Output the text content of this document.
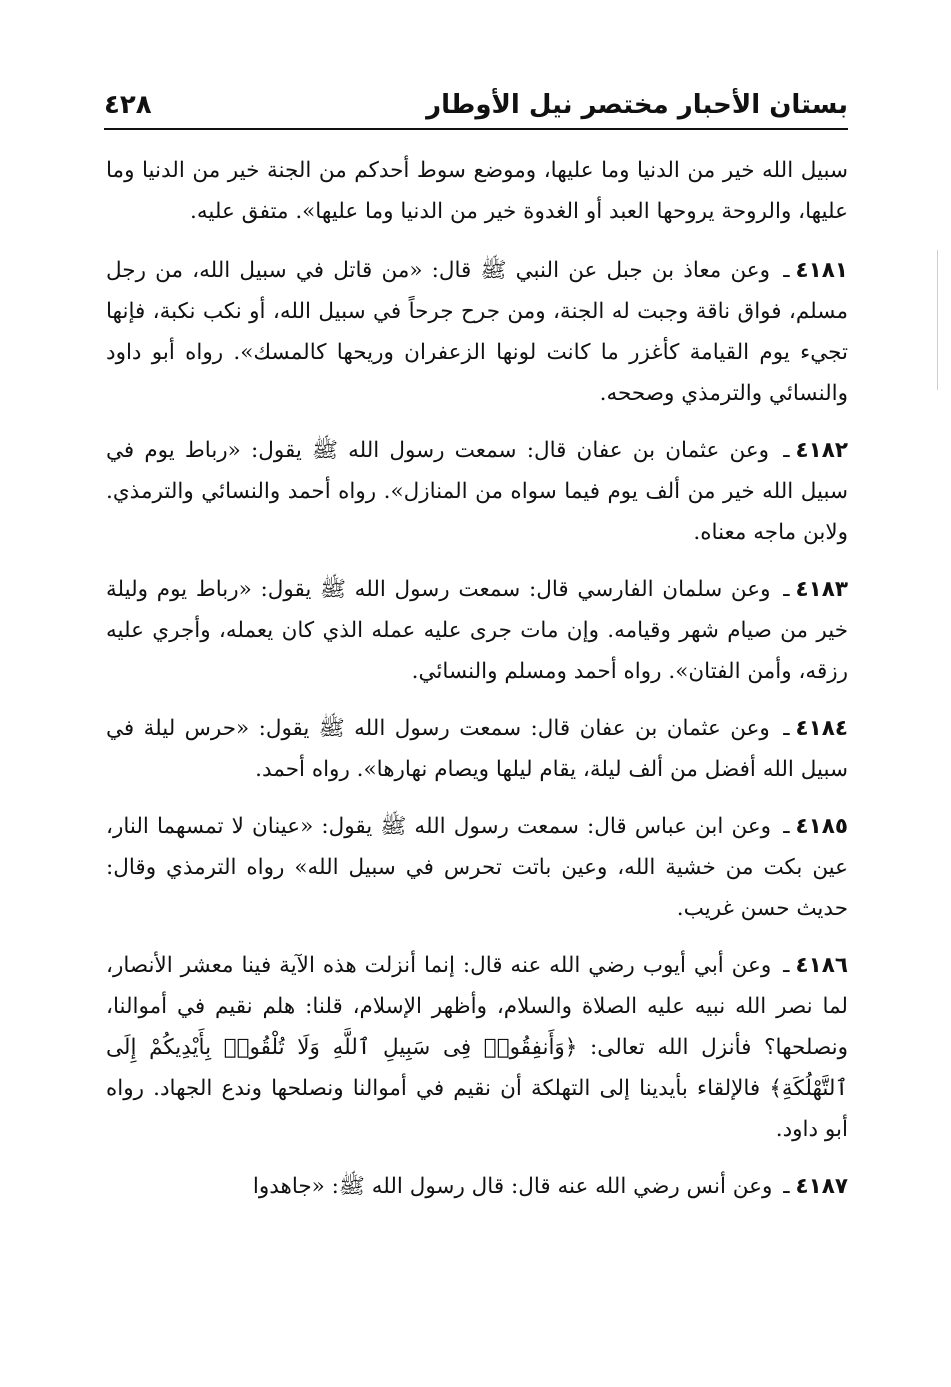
بستان الأحبار مختصر نيل الأوطار
٤٢٨

سبيل الله خير من الدنيا وما عليها، وموضع سوط أحدكم من الجنة خير من الدنيا وما عليها، والروحة يروحها العبد أو الغدوة خير من الدنيا وما عليها». متفق عليه.

٤١٨١ـ وعن معاذ بن جبل عن النبي ﷺ قال: «من قاتل في سبيل الله، من رجل مسلم، فواق ناقة وجبت له الجنة، ومن جرح جرحاً في سبيل الله، أو نكب نكبة، فإنها تجيء يوم القيامة كأغزر ما كانت لونها الزعفران وريحها كالمسك». رواه أبو داود والنسائي والترمذي وصححه.

٤١٨٢ـ وعن عثمان بن عفان قال: سمعت رسول الله ﷺ يقول: «رباط يوم في سبيل الله خير من ألف يوم فيما سواه من المنازل». رواه أحمد والنسائي والترمذي. ولابن ماجه معناه.

٤١٨٣ـ وعن سلمان الفارسي قال: سمعت رسول الله ﷺ يقول: «رباط يوم وليلة خير من صيام شهر وقيامه. وإن مات جرى عليه عمله الذي كان يعمله، وأجري عليه رزقه، وأمن الفتان». رواه أحمد ومسلم والنسائي.

٤١٨٤ـ وعن عثمان بن عفان قال: سمعت رسول الله ﷺ يقول: «حرس ليلة في سبيل الله أفضل من ألف ليلة، يقام ليلها ويصام نهارها». رواه أحمد.

٤١٨٥ـ وعن ابن عباس قال: سمعت رسول الله ﷺ يقول: «عينان لا تمسهما النار، عين بكت من خشية الله، وعين باتت تحرس في سبيل الله» رواه الترمذي وقال: حديث حسن غريب.

٤١٨٦ـ وعن أبي أيوب رضي الله عنه قال: إنما أنزلت هذه الآية فينا معشر الأنصار، لما نصر الله نبيه عليه الصلاة والسلام، وأظهر الإسلام، قلنا: هلم نقيم في أموالنا، ونصلحها؟ فأنزل الله تعالى: ﴿وَأَنفِقُوا۟ فِى سَبِيلِ ٱللَّهِ وَلَا تُلْقُوا۟ بِأَيْدِيكُمْ إِلَى ٱلتَّهْلُكَةِ﴾ فالإلقاء بأيدينا إلى التهلكة أن نقيم في أموالنا ونصلحها وندع الجهاد. رواه أبو داود.

٤١٨٧ـ وعن أنس رضي الله عنه قال: قال رسول الله ﷺ: «جاهدوا
